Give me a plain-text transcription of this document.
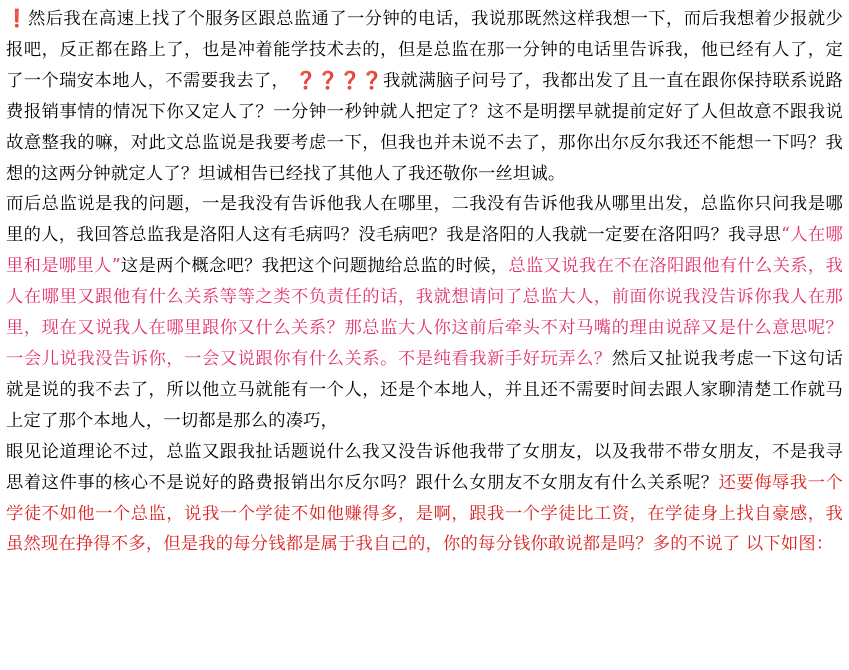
❗然后我在高速上找了个服务区跟总监通了一分钟的电话，我说那既然这样我想一下，而后我想着少报就少报吧，反正都在路上了，也是冲着能学技术去的，但是总监在那一分钟的电话里告诉我，他已经有人了，定了一个瑞安本地人，不需要我去了， ❓❓❓❓我就满脑子问号了，我都出发了且一直在跟你保持联系说路费报销事情的情况下你又定人了？一分钟一秒钟就人把定了？这不是明摆早就提前定好了人但故意不跟我说故意整我的嘛，对此文总监说是我要考虑一下，但我也并未说不去了，那你出尔反尔我还不能想一下吗？我想的这两分钟就定人了？坦诚相告已经找了其他人了我还敬你一丝坦诚。

而后总监说是我的问题，一是我没有告诉他我人在哪里，二我没有告诉他我从哪里出发，总监你只问我是哪里的人，我回答总监我是洛阳人这有毛病吗？没毛病吧？我是洛阳的人我就一定要在洛阳吗？我寻思“人在哪里和是哪里人”这是两个概念吧？我把这个问题抛给总监的时候，总监又说我在不在洛阳跟他有什么关系，我人在哪里又跟他有什么关系等等之类不负责任的话，我就想请问了总监大人，前面你说我没告诉你我人在那里，现在又说我人在哪里跟你又什么关系？那总监大人你这前后牵头不对马嘴的理由说辞又是什么意思呢？一会儿说我没告诉你，一会又说跟你有什么关系。不是纯看我新手好玩弄么？然后又扯说我考虑一下这句话就是说的我不去了，所以他立马就能有一个人，还是个本地人，并且还不需要时间去跟人家聊清楚工作就马上定了那个本地人，一切都是那么的凑巧，

眼见论道理论不过，总监又跟我扯话题说什么我又没告诉他我带了女朋友，以及我带不带女朋友，不是我寻思着这件事的核心不是说好的路费报销出尔反尔吗？跟什么女朋友不女朋友有什么关系呢？还要侮辱我一个学徒不如他一个总监，说我一个学徒不如他赚得多，是啊，跟我一个学徒比工资，在学徒身上找自豪感，我虽然现在挣得不多，但是我的每分钱都是属于我自己的，你的每分钱你敢说都是吗？多的不说了 以下如图：
